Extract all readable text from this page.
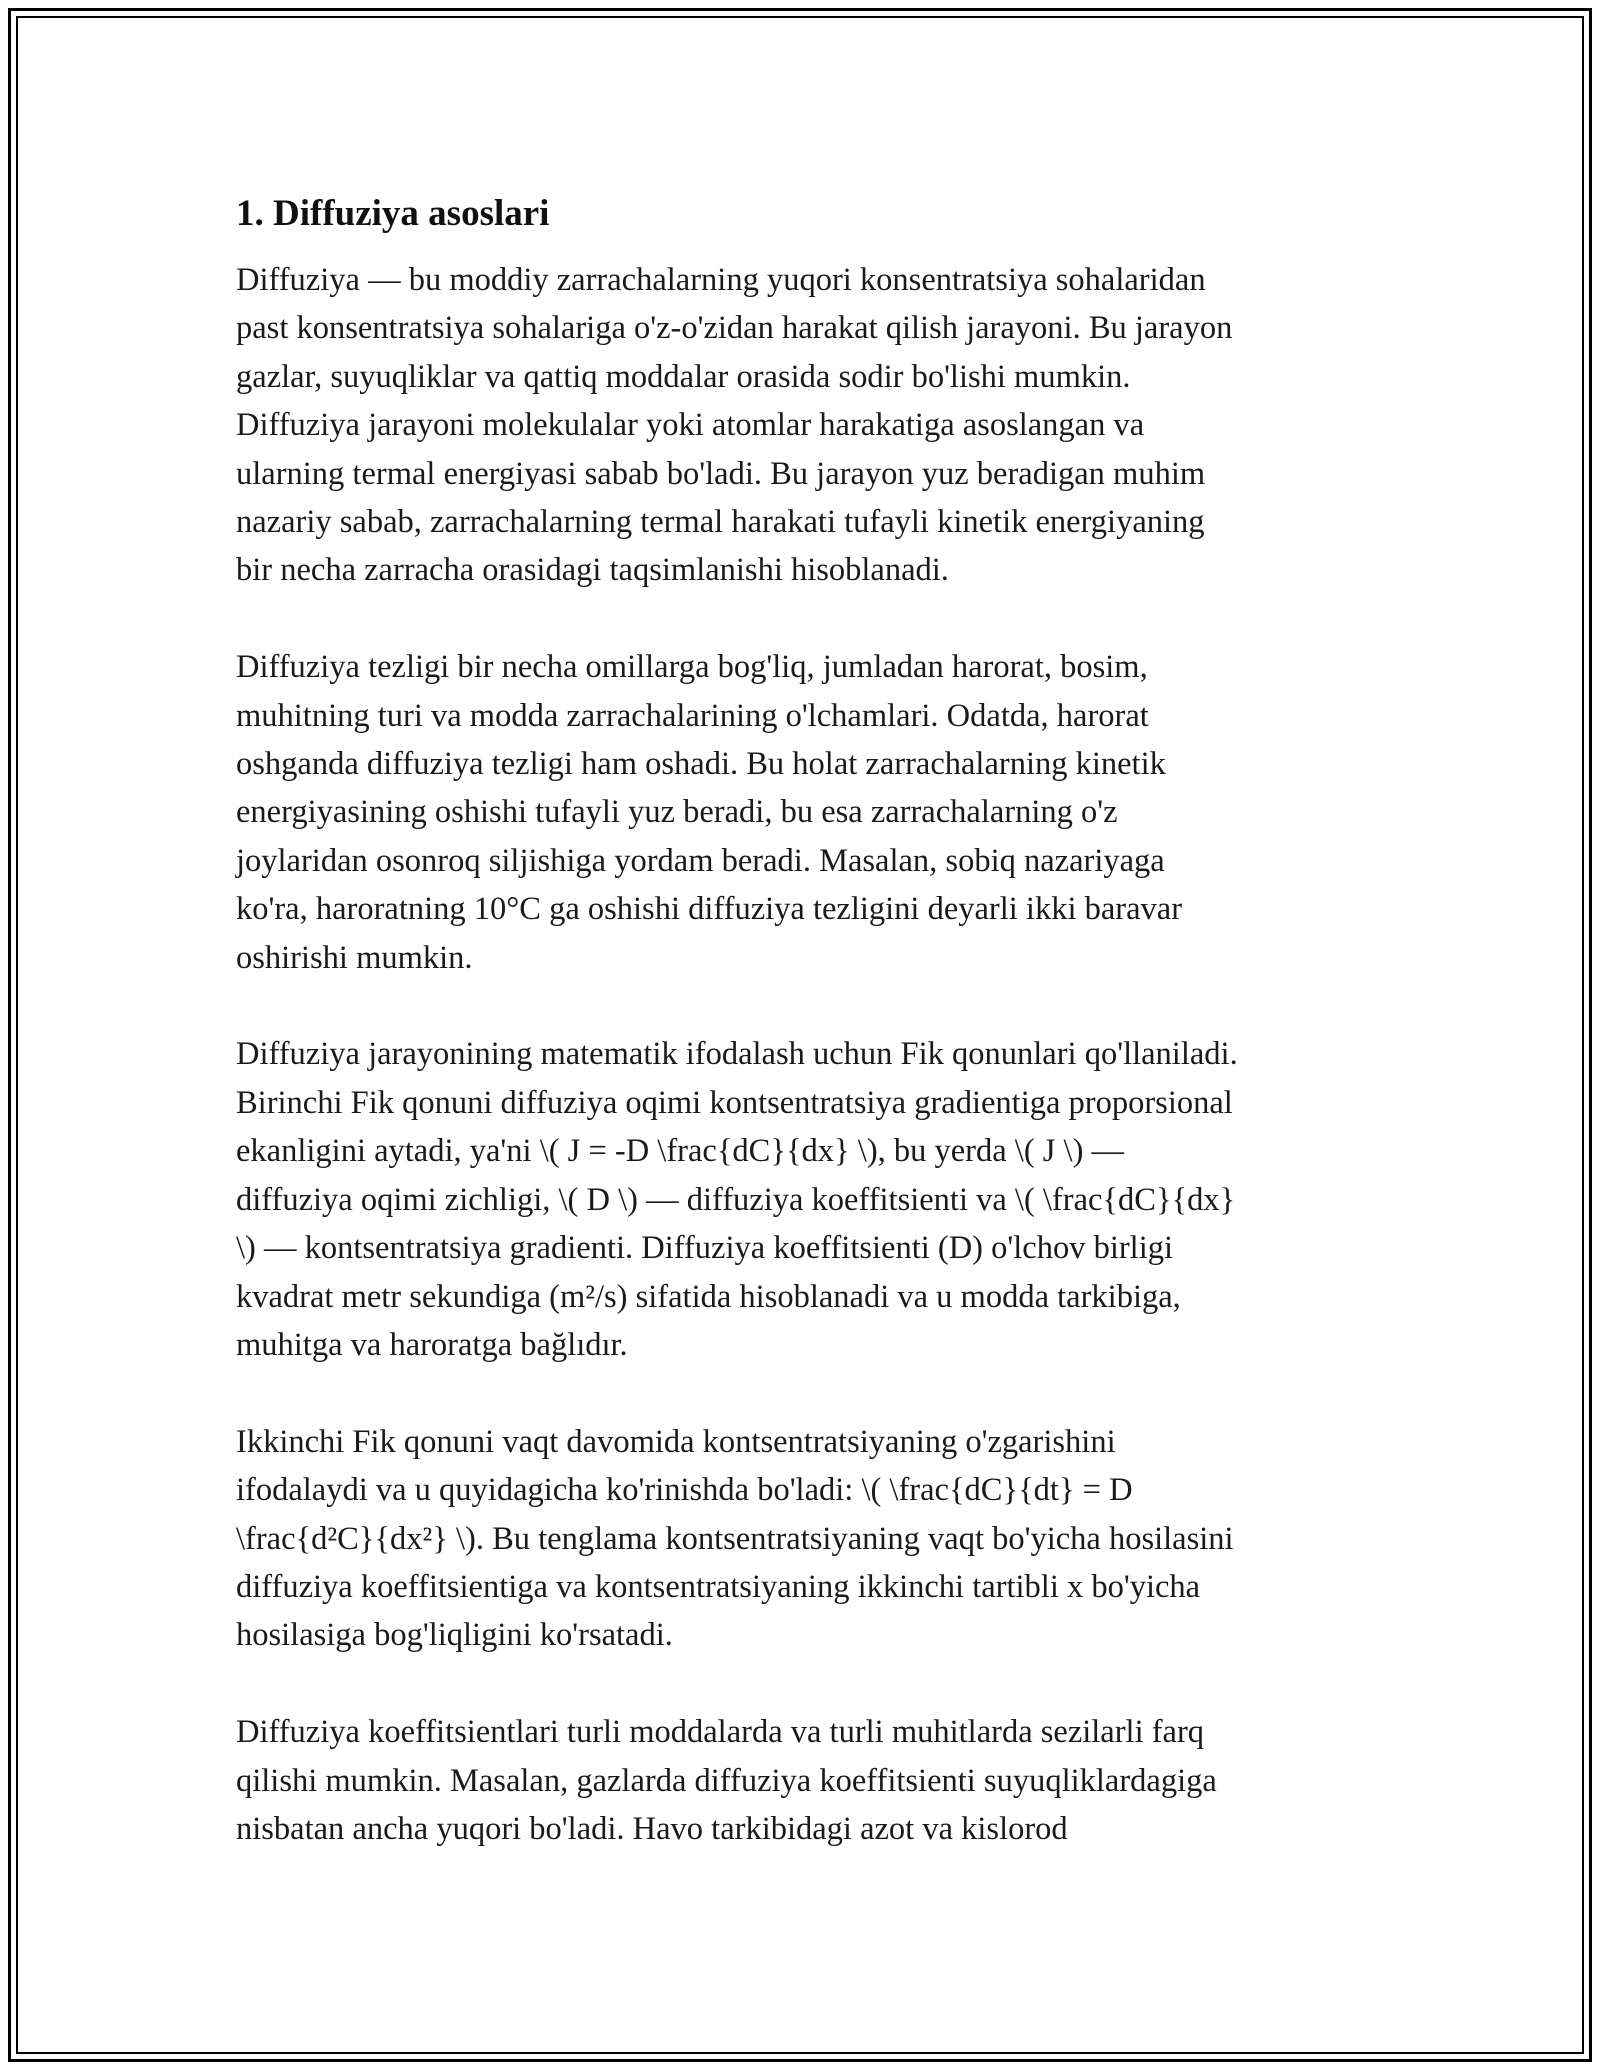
1. Diffuziya asoslari

Diffuziya — bu moddiy zarrachalarning yuqori konsentratsiya sohalaridan
past konsentratsiya sohalariga o'z-o'zidan harakat qilish jarayoni. Bu jarayon
gazlar, suyuqliklar va qattiq moddalar orasida sodir bo'lishi mumkin.
Diffuziya jarayoni molekulalar yoki atomlar harakatiga asoslangan va
ularning termal energiyasi sabab bo'ladi. Bu jarayon yuz beradigan muhim
nazariy sabab, zarrachalarning termal harakati tufayli kinetik energiyaning
bir necha zarracha orasidagi taqsimlanishi hisoblanadi.

Diffuziya tezligi bir necha omillarga bog'liq, jumladan harorat, bosim,
muhitning turi va modda zarrachalarining o'lchamlari. Odatda, harorat
oshganda diffuziya tezligi ham oshadi. Bu holat zarrachalarning kinetik
energiyasining oshishi tufayli yuz beradi, bu esa zarrachalarning o'z
joylaridan osonroq siljishiga yordam beradi. Masalan, sobiq nazariyaga
ko'ra, haroratning 10°C ga oshishi diffuziya tezligini deyarli ikki baravar
oshirishi mumkin.

Diffuziya jarayonining matematik ifodalash uchun Fik qonunlari qo'llaniladi.
Birinchi Fik qonuni diffuziya oqimi kontsentratsiya gradientiga proporsional
ekanligini aytadi, ya'ni \( J = -D \frac{dC}{dx} \), bu yerda \( J \) —
diffuziya oqimi zichligi, \( D \) — diffuziya koeffitsienti va \( \frac{dC}{dx}
\) — kontsentratsiya gradienti. Diffuziya koeffitsienti (D) o'lchov birligi
kvadrat metr sekundiga (m²/s) sifatida hisoblanadi va u modda tarkibiga,
muhitga va haroratga bağlıdır.

Ikkinchi Fik qonuni vaqt davomida kontsentratsiyaning o'zgarishini
ifodalaydi va u quyidagicha ko'rinishda bo'ladi: \( \frac{dC}{dt} = D
\frac{d²C}{dx²} \). Bu tenglama kontsentratsiyaning vaqt bo'yicha hosilasini
diffuziya koeffitsientiga va kontsentratsiyaning ikkinchi tartibli x bo'yicha
hosilasiga bog'liqligini ko'rsatadi.

Diffuziya koeffitsientlari turli moddalarda va turli muhitlarda sezilarli farq
qilishi mumkin. Masalan, gazlarda diffuziya koeffitsienti suyuqliklardagiga
nisbatan ancha yuqori bo'ladi. Havo tarkibidagi azot va kislorod
